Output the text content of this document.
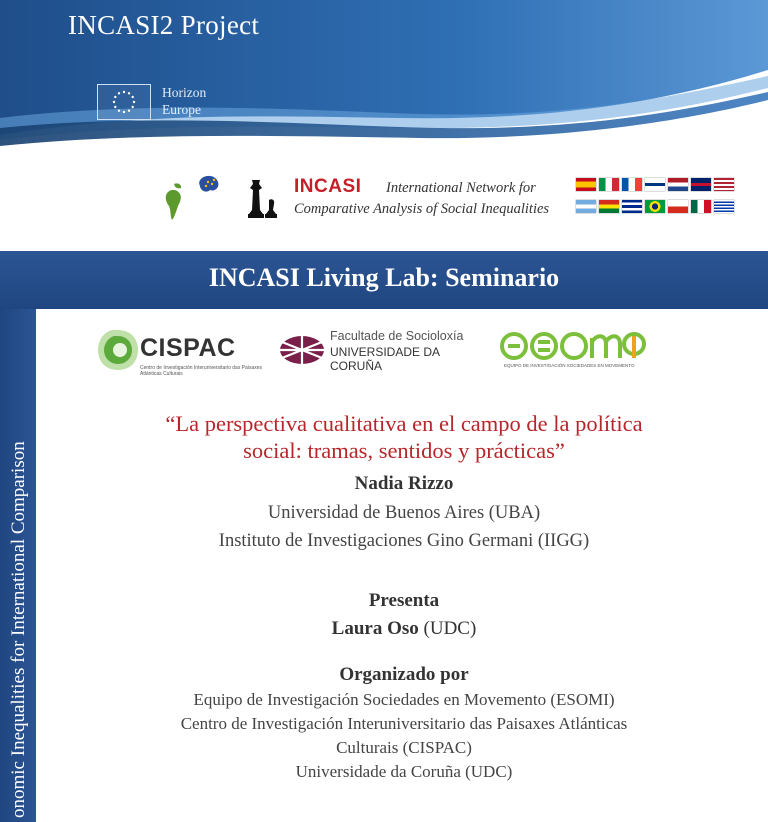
INCASI2 Project
Horizon
Europe
INCASI International Network for
Comparative Analysis of Social Inequalities
INCASI Living Lab: Seminario
onomic Inequalities for International Comparison
CISPAC
Centro de Investigación Interuniversitario das Paisaxes Atlánticas Culturais
Facultade de Socioloxía
UNIVERSIDADE DA CORUÑA	EQUIPO DE INVESTIGACIÓN SOCIEDADES EN MOVEMENTO
“La perspectiva cualitativa en el campo de la política
social: tramas, sentidos y prácticas”
Nadia Rizzo
Universidad de Buenos Aires (UBA)
Instituto de Investigaciones Gino Germani (IIGG)
Presenta
Laura Oso (UDC)
Organizado por
Equipo de Investigación Sociedades en Movemento (ESOMI)
Centro de Investigación Interuniversitario das Paisaxes Atlánticas
Culturais (CISPAC)
Universidade da Coruña (UDC)
